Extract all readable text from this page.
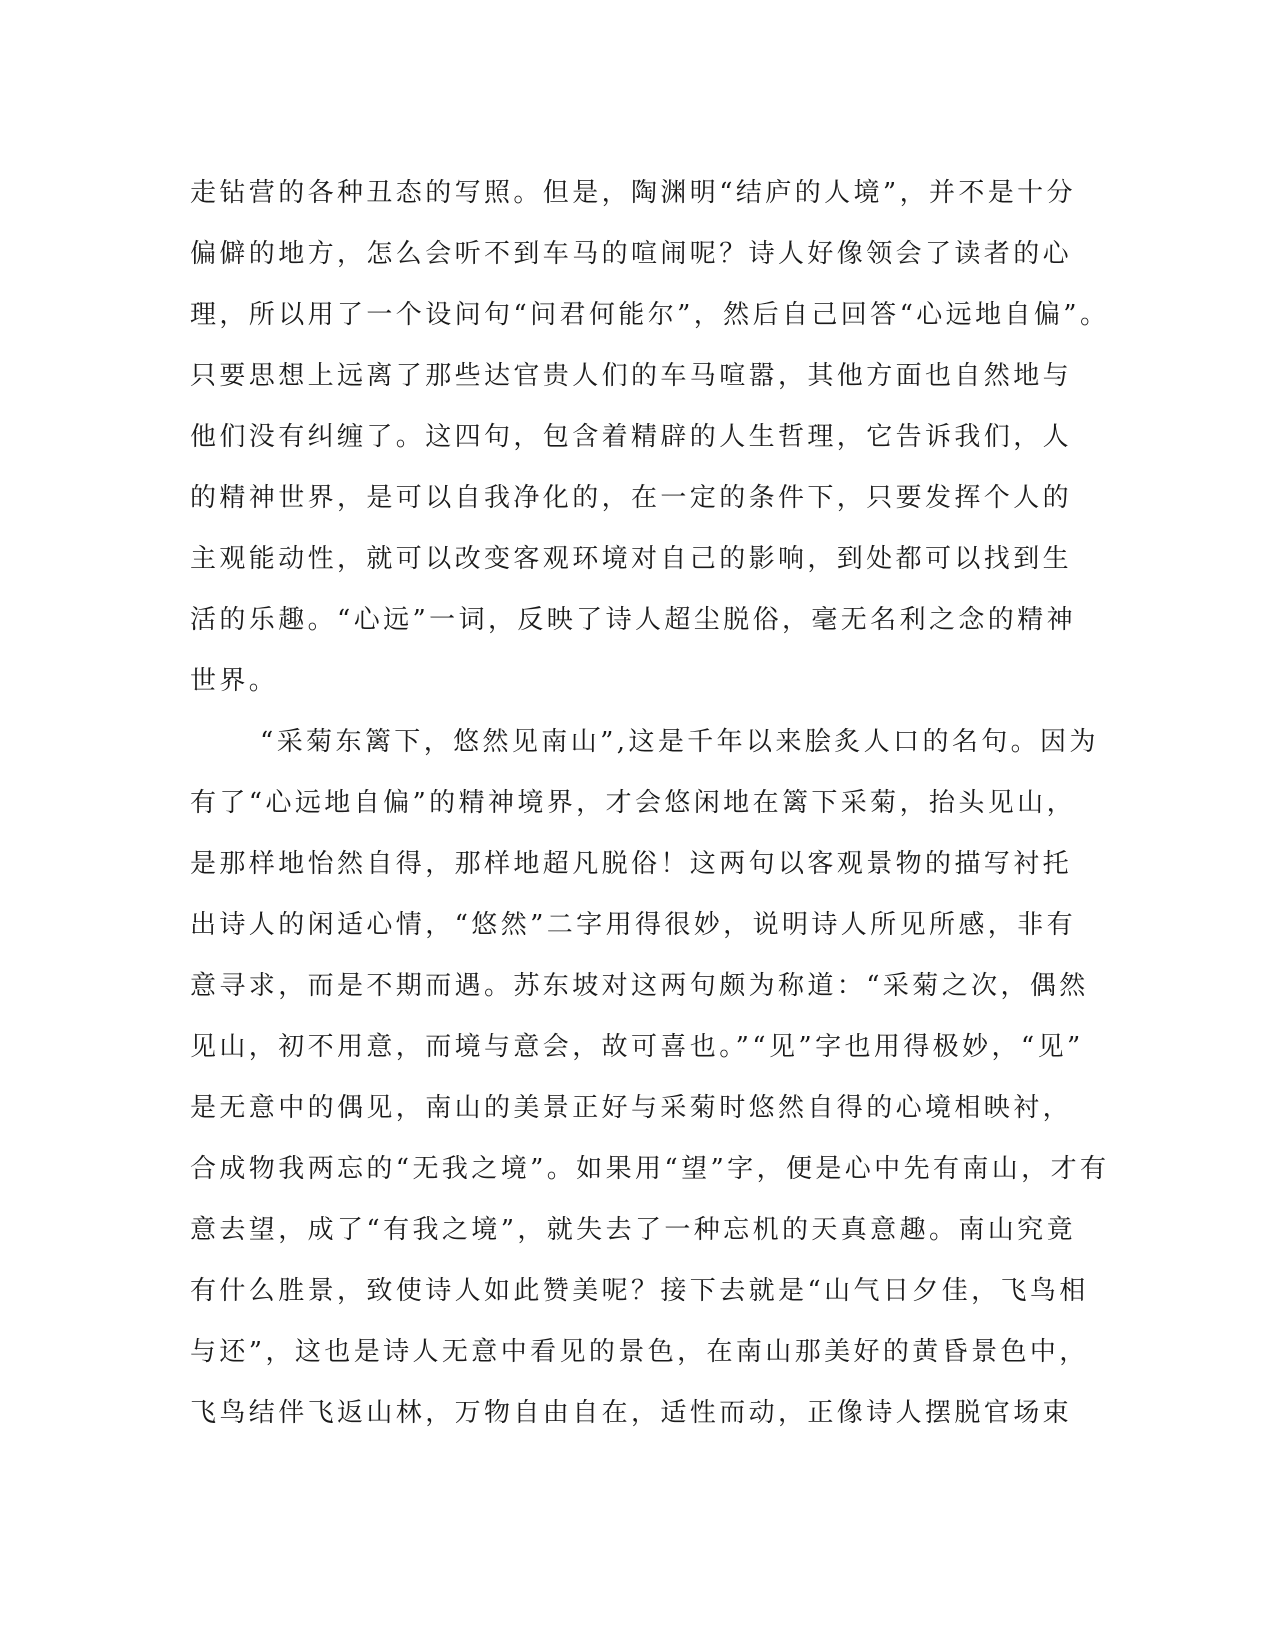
走钻营的各种丑态的写照。但是，陶渊明“结庐的人境”，并不是十分
偏僻的地方，怎么会听不到车马的喧闹呢？诗人好像领会了读者的心
理，所以用了一个设问句“问君何能尔”，然后自己回答“心远地自偏”。
只要思想上远离了那些达官贵人们的车马喧嚣，其他方面也自然地与
他们没有纠缠了。这四句，包含着精辟的人生哲理，它告诉我们，人
的精神世界，是可以自我净化的，在一定的条件下，只要发挥个人的
主观能动性，就可以改变客观环境对自己的影响，到处都可以找到生
活的乐趣。“心远”一词，反映了诗人超尘脱俗，毫无名利之念的精神
世界。
“采菊东篱下，悠然见南山”,这是千年以来脍炙人口的名句。因为
有了“心远地自偏”的精神境界，才会悠闲地在篱下采菊，抬头见山，
是那样地怡然自得，那样地超凡脱俗！这两句以客观景物的描写衬托
出诗人的闲适心情，“悠然”二字用得很妙，说明诗人所见所感，非有
意寻求，而是不期而遇。苏东坡对这两句颇为称道：“采菊之次，偶然
见山，初不用意，而境与意会，故可喜也。”“见”字也用得极妙，“见”
是无意中的偶见，南山的美景正好与采菊时悠然自得的心境相映衬，
合成物我两忘的“无我之境”。如果用“望”字，便是心中先有南山，才有
意去望，成了“有我之境”，就失去了一种忘机的天真意趣。南山究竟
有什么胜景，致使诗人如此赞美呢？接下去就是“山气日夕佳，飞鸟相
与还”，这也是诗人无意中看见的景色，在南山那美好的黄昏景色中，
飞鸟结伴飞返山林，万物自由自在，适性而动，正像诗人摆脱官场束
